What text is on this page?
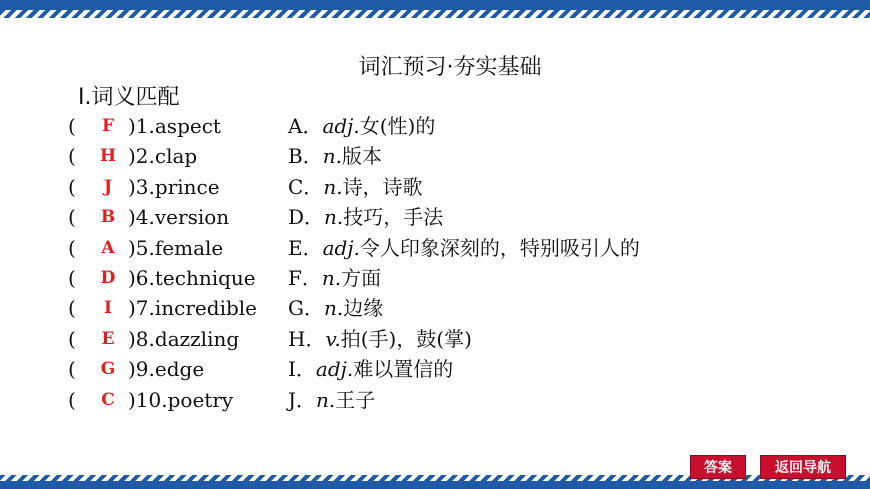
词汇预习·夯实基础
Ⅰ.词义匹配
(	F )1.aspect	A．adj.女(性)的
( H )2.clap	B．n.版本
(	J )3.prince	C．n.诗，诗歌
( B )4.version	D．n.技巧，手法
(	A )5.female	E．adj.令人印象深刻的，特别吸引人的
( D )6.technique F．n.方面
(	I )7.incredible G．n.边缘
(	E )8.dazzling H．v.拍(手)，鼓(掌)
( G )9.edge	I．adj.难以置信的
(	C )10.poetry	J．n.王子
答案	返回导航
